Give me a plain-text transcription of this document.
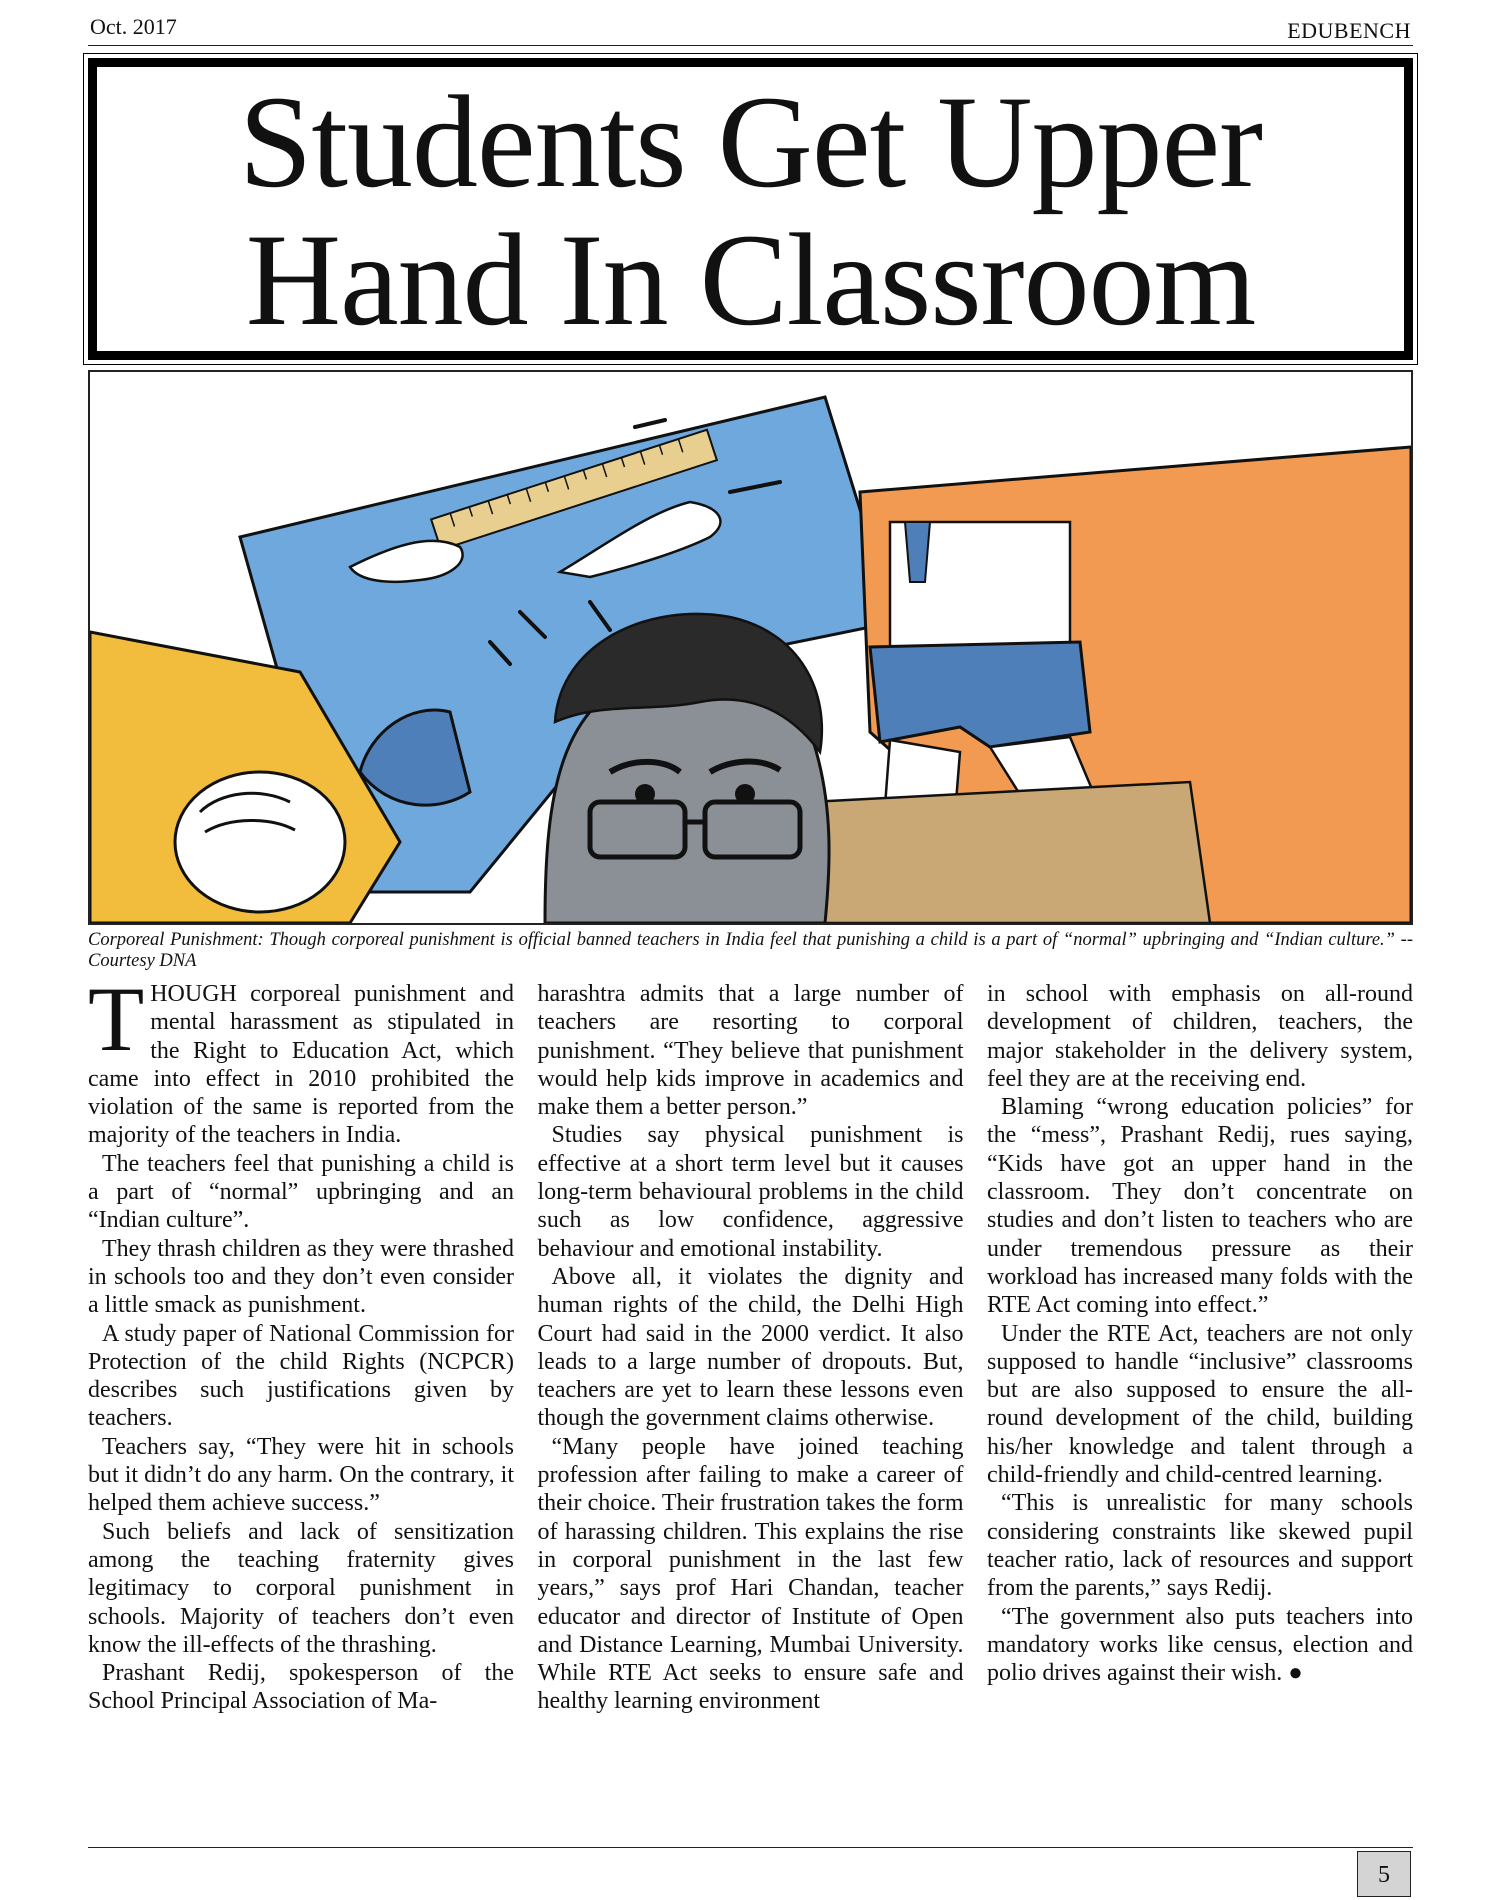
Oct. 2017	EDUBENCH
Students Get Upper
Hand In Classroom

Corporeal Punishment: Though corporeal punishment is official banned teachers in India feel that punishing a child is a part of “normal” upbringing and “Indian culture.” -- Courtesy DNA

THOUGH corporeal punishment and mental harassment as stipulated in the Right to Education Act, which came into effect in 2010 prohibited the violation of the same is reported from the majority of the teachers in India.

The teachers feel that punishing a child is a part of “normal” upbringing and an “Indian culture”.

They thrash children as they were thrashed in schools too and they don’t even consider a little smack as punishment.

A study paper of National Commission for Protection of the child Rights (NCPCR) describes such justifications given by teachers.

Teachers say, “They were hit in schools but it didn’t do any harm. On the contrary, it helped them achieve success.”

Such beliefs and lack of sensitization among the teaching fraternity gives legitimacy to corporal punishment in schools. Majority of teachers don’t even know the ill-effects of the thrashing.

Prashant Redij, spokesperson of the School Principal Association of Ma-

harashtra admits that a large number of teachers are resorting to corporal punishment. “They believe that punishment would help kids improve in academics and make them a better person.”

Studies say physical punishment is effective at a short term level but it causes long-term behavioural problems in the child such as low confidence, aggressive behaviour and emotional instability.

Above all, it violates the dignity and human rights of the child, the Delhi High Court had said in the 2000 verdict. It also leads to a large number of dropouts. But, teachers are yet to learn these lessons even though the government claims otherwise.

“Many people have joined teaching profession after failing to make a career of their choice. Their frustration takes the form of harassing children. This explains the rise in corporal punishment in the last few years,” says prof Hari Chandan, teacher educator and director of Institute of Open and Distance Learning, Mumbai University. While RTE Act seeks to ensure safe and healthy learning environment

in school with emphasis on all-round development of children, teachers, the major stakeholder in the delivery system, feel they are at the receiving end.

Blaming “wrong education policies” for the “mess”, Prashant Redij, rues saying, “Kids have got an upper hand in the classroom. They don’t concentrate on studies and don’t listen to teachers who are under tremendous pressure as their workload has increased many folds with the RTE Act coming into effect.”

Under the RTE Act, teachers are not only supposed to handle “inclusive” classrooms but are also supposed to ensure the all-round development of the child, building his/her knowledge and talent through a child-friendly and child-centred learning.

“This is unrealistic for many schools considering constraints like skewed pupil teacher ratio, lack of resources and support from the parents,” says Redij.

“The government also puts teachers into mandatory works like census, election and polio drives against their wish. ●

5
